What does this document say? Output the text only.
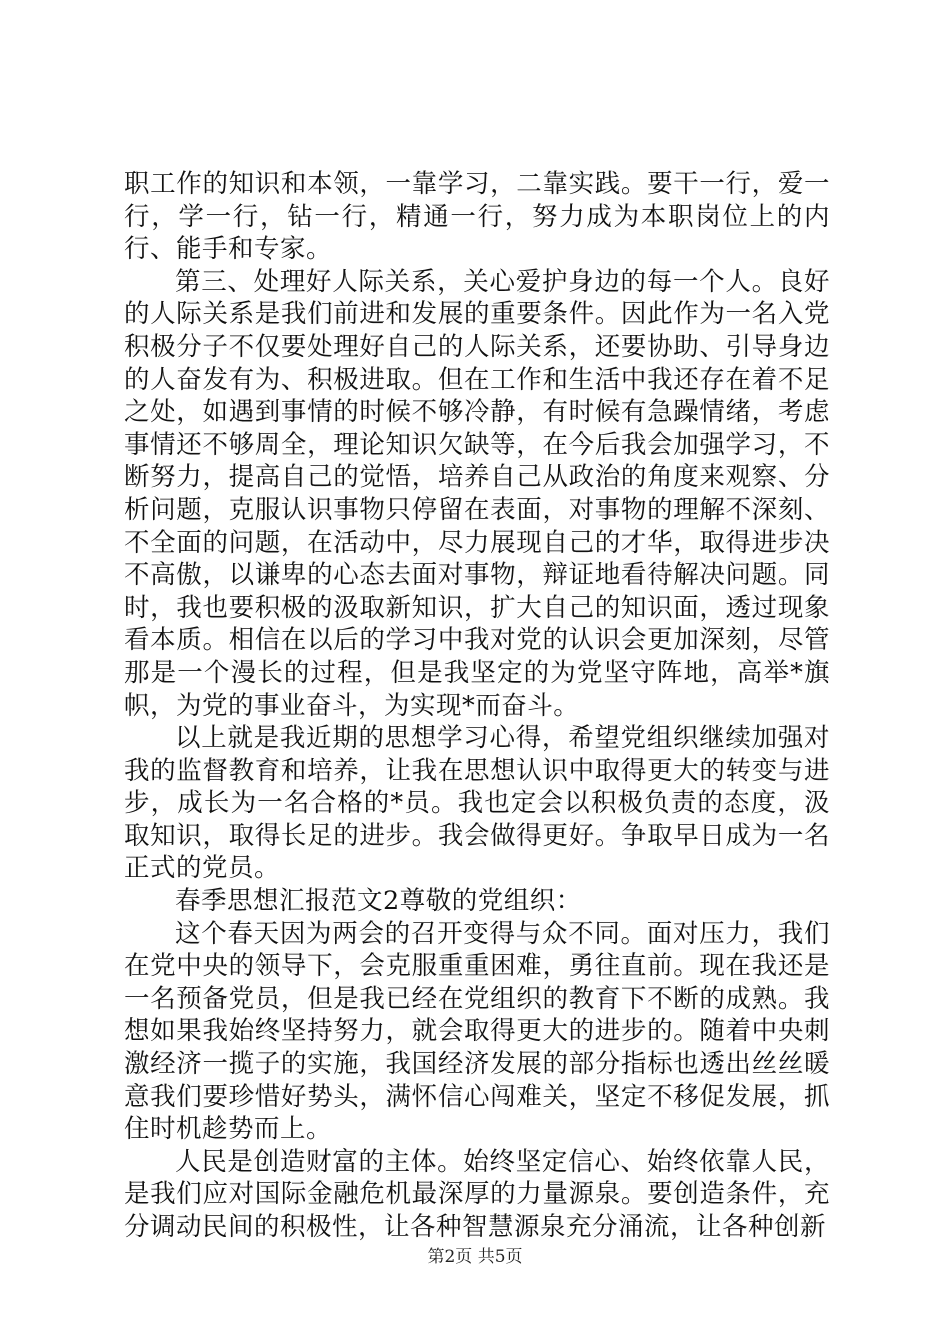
职工作的知识和本领，一靠学习，二靠实践。要干一行，爱一行，学一行，钻一行，精通一行，努力成为本职岗位上的内行、能手和专家。

第三、处理好人际关系，关心爱护身边的每一个人。良好的人际关系是我们前进和发展的重要条件。因此作为一名入党积极分子不仅要处理好自己的人际关系，还要协助、引导身边的人奋发有为、积极进取。但在工作和生活中我还存在着不足之处，如遇到事情的时候不够冷静，有时候有急躁情绪，考虑事情还不够周全，理论知识欠缺等，在今后我会加强学习，不断努力，提高自己的觉悟，培养自己从政治的角度来观察、分析问题，克服认识事物只停留在表面，对事物的理解不深刻、不全面的问题，在活动中，尽力展现自己的才华，取得进步决不高傲，以谦卑的心态去面对事物，辩证地看待解决问题。同时，我也要积极的汲取新知识，扩大自己的知识面，透过现象看本质。相信在以后的学习中我对党的认识会更加深刻，尽管那是一个漫长的过程，但是我坚定的为党坚守阵地，高举*旗帜，为党的事业奋斗，为实现*而奋斗。

以上就是我近期的思想学习心得，希望党组织继续加强对我的监督教育和培养，让我在思想认识中取得更大的转变与进步，成长为一名合格的*员。我也定会以积极负责的态度，汲取知识，取得长足的进步。我会做得更好。争取早日成为一名正式的党员。

春季思想汇报范文2尊敬的党组织：

这个春天因为两会的召开变得与众不同。面对压力，我们在党中央的领导下，会克服重重困难，勇往直前。现在我还是一名预备党员，但是我已经在党组织的教育下不断的成熟。我想如果我始终坚持努力，就会取得更大的进步的。随着中央刺激经济一揽子的实施，我国经济发展的部分指标也透出丝丝暖意我们要珍惜好势头，满怀信心闯难关，坚定不移促发展，抓住时机趁势而上。

人民是创造财富的主体。始终坚定信心、始终依靠人民，是我们应对国际金融危机最深厚的力量源泉。要创造条件，充分调动民间的积极性，让各种智慧源泉充分涌流，让各种创新

第2页 共5页
